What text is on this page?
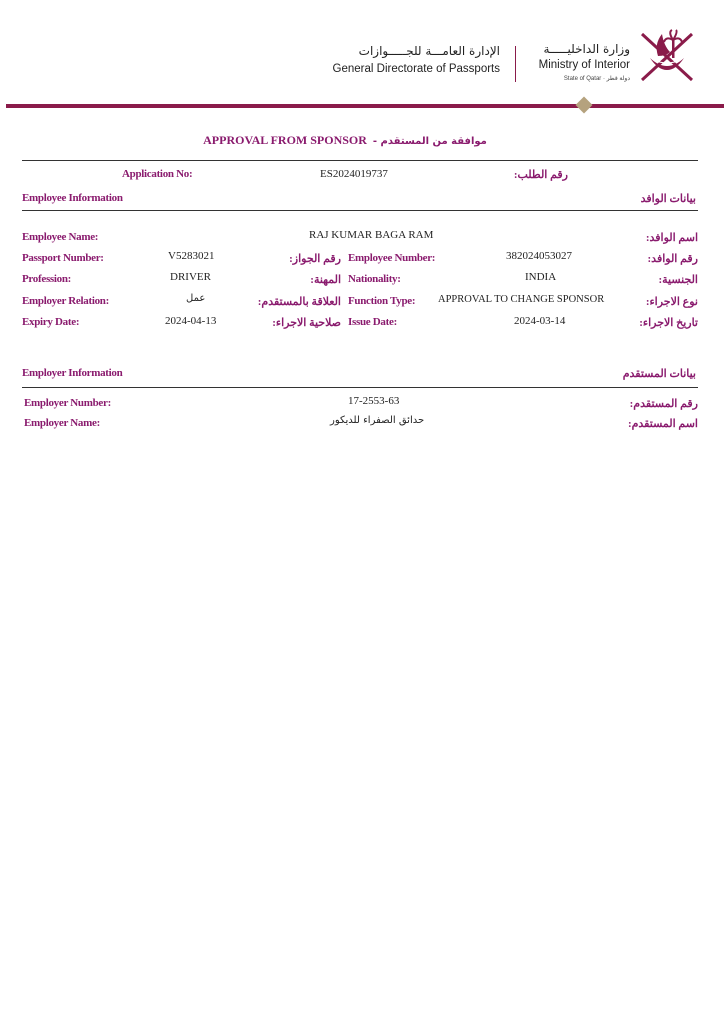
الإدارة العامـــة للجـــــوازات
General Directorate of Passports
وزارة الداخليـــــة
Ministry of Interior
State of Qatar · دولة قطر
APPROVAL FROM SPONSOR موافقة من المستقدم -
Application No:	ES2024019737	رقم الطلب:
Employee Information	بيانات الوافد
Employee Name:	RAJ KUMAR BAGA RAM	اسم الوافد:
Passport Number:	V5283021	رقم الجواز: Employee Number:	382024053027	رقم الوافد:
Profession:	DRIVER	المهنة: Nationality:	INDIA	الجنسية:
Employer Relation:	عمل	العلاقة بالمستقدم: Function Type: APPROVAL TO CHANGE SPONSOR	نوع الاجراء:
Expiry Date:	2024-04-13	صلاحية الاجراء: Issue Date:	2024-03-14	تاريخ الاجراء:
Employer Information	بيانات المستقدم
Employer Number:	17-2553-63	رقم المستقدم:
Employer Name:	حدائق الصفراء للديكور	اسم المستقدم:
